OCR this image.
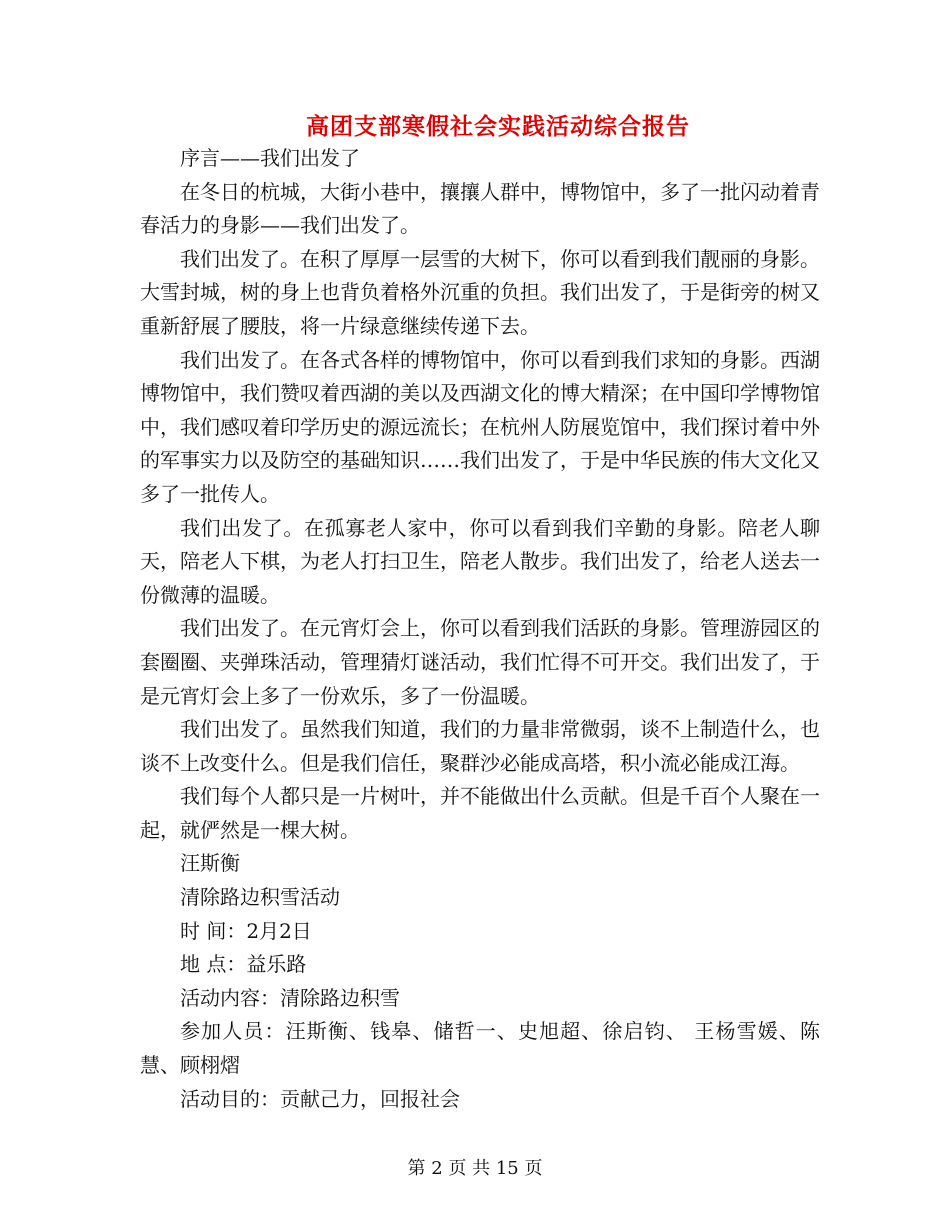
高团支部寒假社会实践活动综合报告

序言——我们出发了

在冬日的杭城，大街小巷中，攘攘人群中，博物馆中，多了一批闪动着青春活力的身影——我们出发了。

我们出发了。在积了厚厚一层雪的大树下，你可以看到我们靓丽的身影。大雪封城，树的身上也背负着格外沉重的负担。我们出发了，于是街旁的树又重新舒展了腰肢，将一片绿意继续传递下去。

我们出发了。在各式各样的博物馆中，你可以看到我们求知的身影。西湖博物馆中，我们赞叹着西湖的美以及西湖文化的博大精深；在中国印学博物馆中，我们感叹着印学历史的源远流长；在杭州人防展览馆中，我们探讨着中外的军事实力以及防空的基础知识……我们出发了，于是中华民族的伟大文化又多了一批传人。

我们出发了。在孤寡老人家中，你可以看到我们辛勤的身影。陪老人聊天，陪老人下棋，为老人打扫卫生，陪老人散步。我们出发了，给老人送去一份微薄的温暖。

我们出发了。在元宵灯会上，你可以看到我们活跃的身影。管理游园区的套圈圈、夹弹珠活动，管理猜灯谜活动，我们忙得不可开交。我们出发了，于是元宵灯会上多了一份欢乐，多了一份温暖。

我们出发了。虽然我们知道，我们的力量非常微弱，谈不上制造什么，也谈不上改变什么。但是我们信任，聚群沙必能成高塔，积小流必能成江海。

我们每个人都只是一片树叶，并不能做出什么贡献。但是千百个人聚在一起，就俨然是一棵大树。

汪斯衡

清除路边积雪活动

时 间：2月2日

地 点：益乐路

活动内容：清除路边积雪

参加人员：汪斯衡、钱皋、储哲一、史旭超、徐启钧、 王杨雪媛、陈慧、顾栩熠

活动目的：贡献己力，回报社会

第 2 页 共 15 页
